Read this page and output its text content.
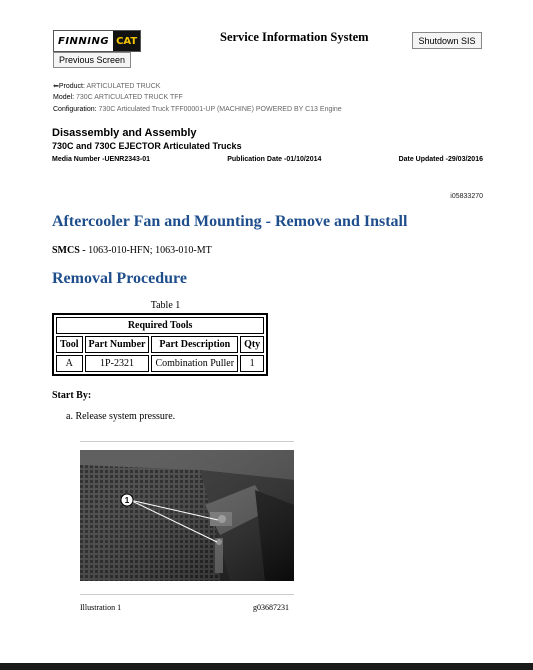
FINNING CAT
Previous Screen
Service Information System	Shutdown SIS
⬅Product: ARTICULATED TRUCK
Model: 730C ARTICULATED TRUCK TFF
Configuration: 730C Articulated Truck TFF00001-UP (MACHINE) POWERED BY C13 Engine
Disassembly and Assembly
730C and 730C EJECTOR Articulated Trucks
Media Number -UENR2343-01	Publication Date -01/10/2014	Date Updated -29/03/2016
i05833270
Aftercooler Fan and Mounting - Remove and Install
SMCS - 1063-010-HFN; 1063-010-MT
Removal Procedure
Table 1
Required Tools			
Tool	Part Number	Part Description	Qty
A	1P-2321	Combination Puller	1
Start By:
a. Release system pressure.
1
Illustration 1	g03687231
